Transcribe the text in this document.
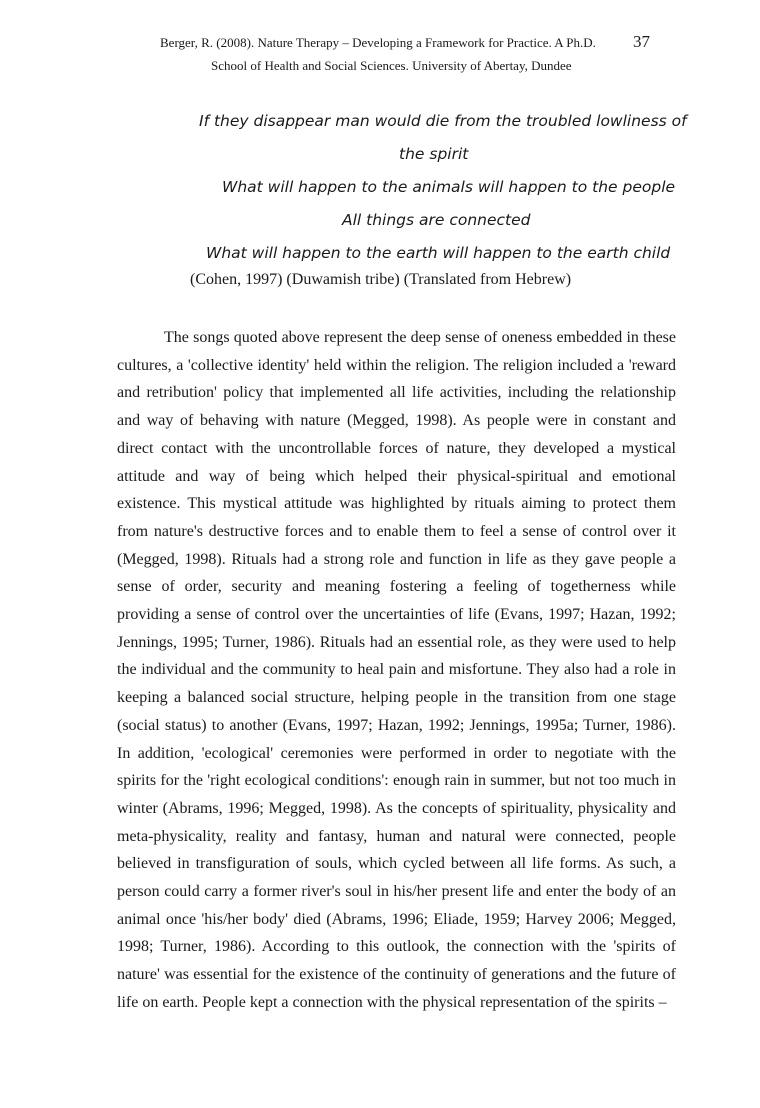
Berger, R. (2008). Nature Therapy – Developing a Framework for Practice. A Ph.D. 37
School of Health and Social Sciences. University of Abertay, Dundee
If they disappear man would die from the troubled lowliness of
the spirit
What will happen to the animals will happen to the people
All things are connected
What will happen to the earth will happen to the earth child
(Cohen, 1997) (Duwamish tribe) (Translated from Hebrew)

The songs quoted above represent the deep sense of oneness embedded in these cultures, a 'collective identity' held within the religion. The religion included a 'reward and retribution' policy that implemented all life activities, including the relationship and way of behaving with nature (Megged, 1998). As people were in constant and direct contact with the uncontrollable forces of nature, they developed a mystical attitude and way of being which helped their physical-spiritual and emotional existence. This mystical attitude was highlighted by rituals aiming to protect them from nature's destructive forces and to enable them to feel a sense of control over it (Megged, 1998). Rituals had a strong role and function in life as they gave people a sense of order, security and meaning fostering a feeling of togetherness while providing a sense of control over the uncertainties of life (Evans, 1997; Hazan, 1992; Jennings, 1995; Turner, 1986). Rituals had an essential role, as they were used to help the individual and the community to heal pain and misfortune. They also had a role in keeping a balanced social structure, helping people in the transition from one stage (social status) to another (Evans, 1997; Hazan, 1992; Jennings, 1995a; Turner, 1986). In addition, 'ecological' ceremonies were performed in order to negotiate with the spirits for the 'right ecological conditions': enough rain in summer, but not too much in winter (Abrams, 1996; Megged, 1998). As the concepts of spirituality, physicality and meta-physicality, reality and fantasy, human and natural were connected, people believed in transfiguration of souls, which cycled between all life forms. As such, a person could carry a former river's soul in his/her present life and enter the body of an animal once 'his/her body' died (Abrams, 1996; Eliade, 1959; Harvey 2006; Megged, 1998; Turner, 1986). According to this outlook, the connection with the 'spirits of nature' was essential for the existence of the continuity of generations and the future of life on earth. People kept a connection with the physical representation of the spirits –
